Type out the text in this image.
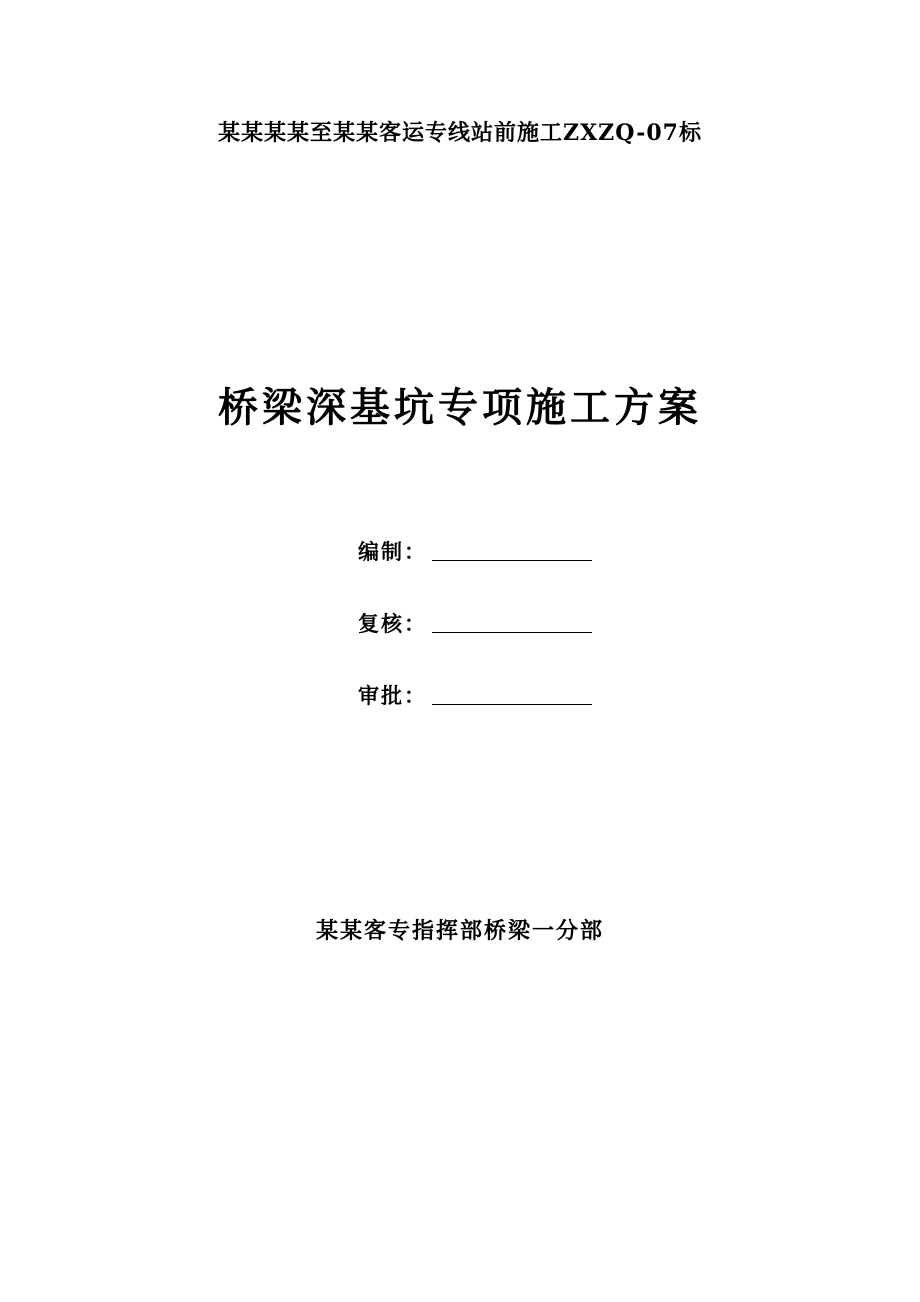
某某某某至某某客运专线站前施工ZXZQ-07标
桥梁深基坑专项施工方案
编制：
复核：
审批：
某某客专指挥部桥梁一分部
